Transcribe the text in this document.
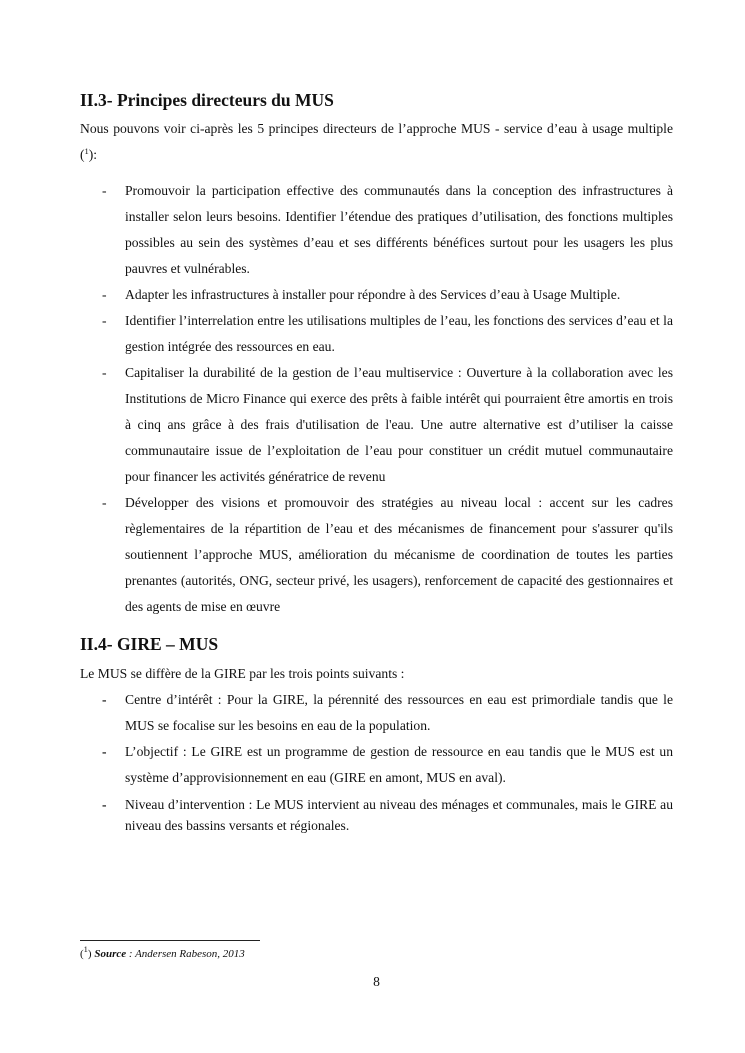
II.3- Principes directeurs du MUS

Nous pouvons voir ci-après les 5 principes directeurs de l’approche MUS - service d’eau à usage multiple ($^1$):

- Promouvoir la participation effective des communautés dans la conception des infrastructures à installer selon leurs besoins. Identifier l’étendue des pratiques d’utilisation, des fonctions multiples possibles au sein des systèmes d’eau et ses différents bénéfices surtout pour les usagers les plus pauvres et vulnérables.
- Adapter les infrastructures à installer pour répondre à des Services d’eau à Usage Multiple.
- Identifier l’interrelation entre les utilisations multiples de l’eau, les fonctions des services d’eau et la gestion intégrée des ressources en eau.
- Capitaliser la durabilité de la gestion de l’eau multiservice : Ouverture à la collaboration avec les Institutions de Micro Finance qui exerce des prêts à faible intérêt qui pourraient être amortis en trois à cinq ans grâce à des frais d'utilisation de l'eau. Une autre alternative est d’utiliser la caisse communautaire issue de l’exploitation de l’eau pour constituer un crédit mutuel communautaire pour financer les activités génératrice de revenu
- Développer des visions et promouvoir des stratégies au niveau local : accent sur les cadres règlementaires de la répartition de l’eau et des mécanismes de financement pour s'assurer qu'ils soutiennent l’approche MUS, amélioration du mécanisme de coordination de toutes les parties prenantes (autorités, ONG, secteur privé, les usagers), renforcement de capacité des gestionnaires et des agents de mise en œuvre
II.4- GIRE – MUS

Le MUS se diffère de la GIRE par les trois points suivants :

- Centre d’intérêt : Pour la GIRE, la pérennité des ressources en eau est primordiale tandis que le MUS se focalise sur les besoins en eau de la population.
- L’objectif : Le GIRE est un programme de gestion de ressource en eau tandis que le MUS est un système d’approvisionnement en eau (GIRE en amont, MUS en aval).
- Niveau d’intervention : Le MUS intervient au niveau des ménages et communales, mais le GIRE au niveau des bassins versants et régionales.

($^1$) Source : Andersen Rabeson, 2013

8
